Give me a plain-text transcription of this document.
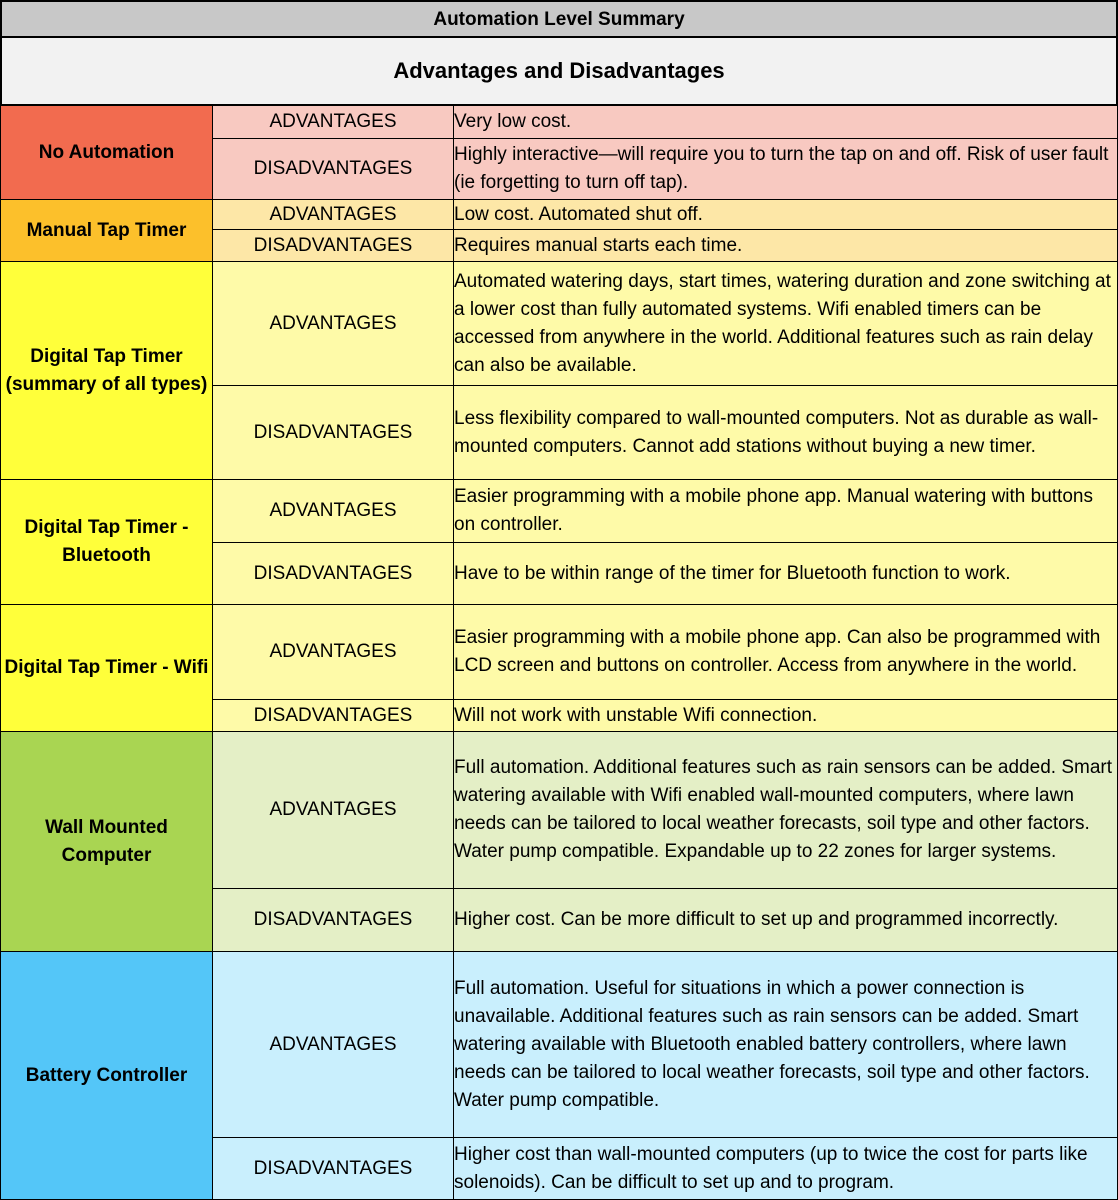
Automation Level Summary
Advantages and Disadvantages
No Automation	ADVANTAGES	Very low cost.
	DISADVANTAGES	Highly interactive—will require you to turn the tap on and off. Risk of user fault (ie forgetting to turn off tap).
Manual Tap Timer	ADVANTAGES	Low cost. Automated shut off.
	DISADVANTAGES	Requires manual starts each time.
Digital Tap Timer (summary of all types)	ADVANTAGES	Automated watering days, start times, watering duration and zone switching at a lower cost than fully automated systems. Wifi enabled timers can be accessed from anywhere in the world. Additional features such as rain delay can also be available.
	DISADVANTAGES	Less flexibility compared to wall-mounted computers. Not as durable as wall-mounted computers. Cannot add stations without buying a new timer.
Digital Tap Timer - Bluetooth	ADVANTAGES	Easier programming with a mobile phone app. Manual watering with buttons on controller.
	DISADVANTAGES	Have to be within range of the timer for Bluetooth function to work.
Digital Tap Timer - Wifi	ADVANTAGES	Easier programming with a mobile phone app. Can also be programmed with LCD screen and buttons on controller. Access from anywhere in the world.
	DISADVANTAGES	Will not work with unstable Wifi connection.
Wall Mounted Computer	ADVANTAGES	Full automation. Additional features such as rain sensors can be added. Smart watering available with Wifi enabled wall-mounted computers, where lawn needs can be tailored to local weather forecasts, soil type and other factors. Water pump compatible. Expandable up to 22 zones for larger systems.
	DISADVANTAGES	Higher cost. Can be more difficult to set up and programmed incorrectly.
Battery Controller	ADVANTAGES	Full automation. Useful for situations in which a power connection is unavailable. Additional features such as rain sensors can be added. Smart watering available with Bluetooth enabled battery controllers, where lawn needs can be tailored to local weather forecasts, soil type and other factors. Water pump compatible.
	DISADVANTAGES	Higher cost than wall-mounted computers (up to twice the cost for parts like solenoids). Can be difficult to set up and to program.
